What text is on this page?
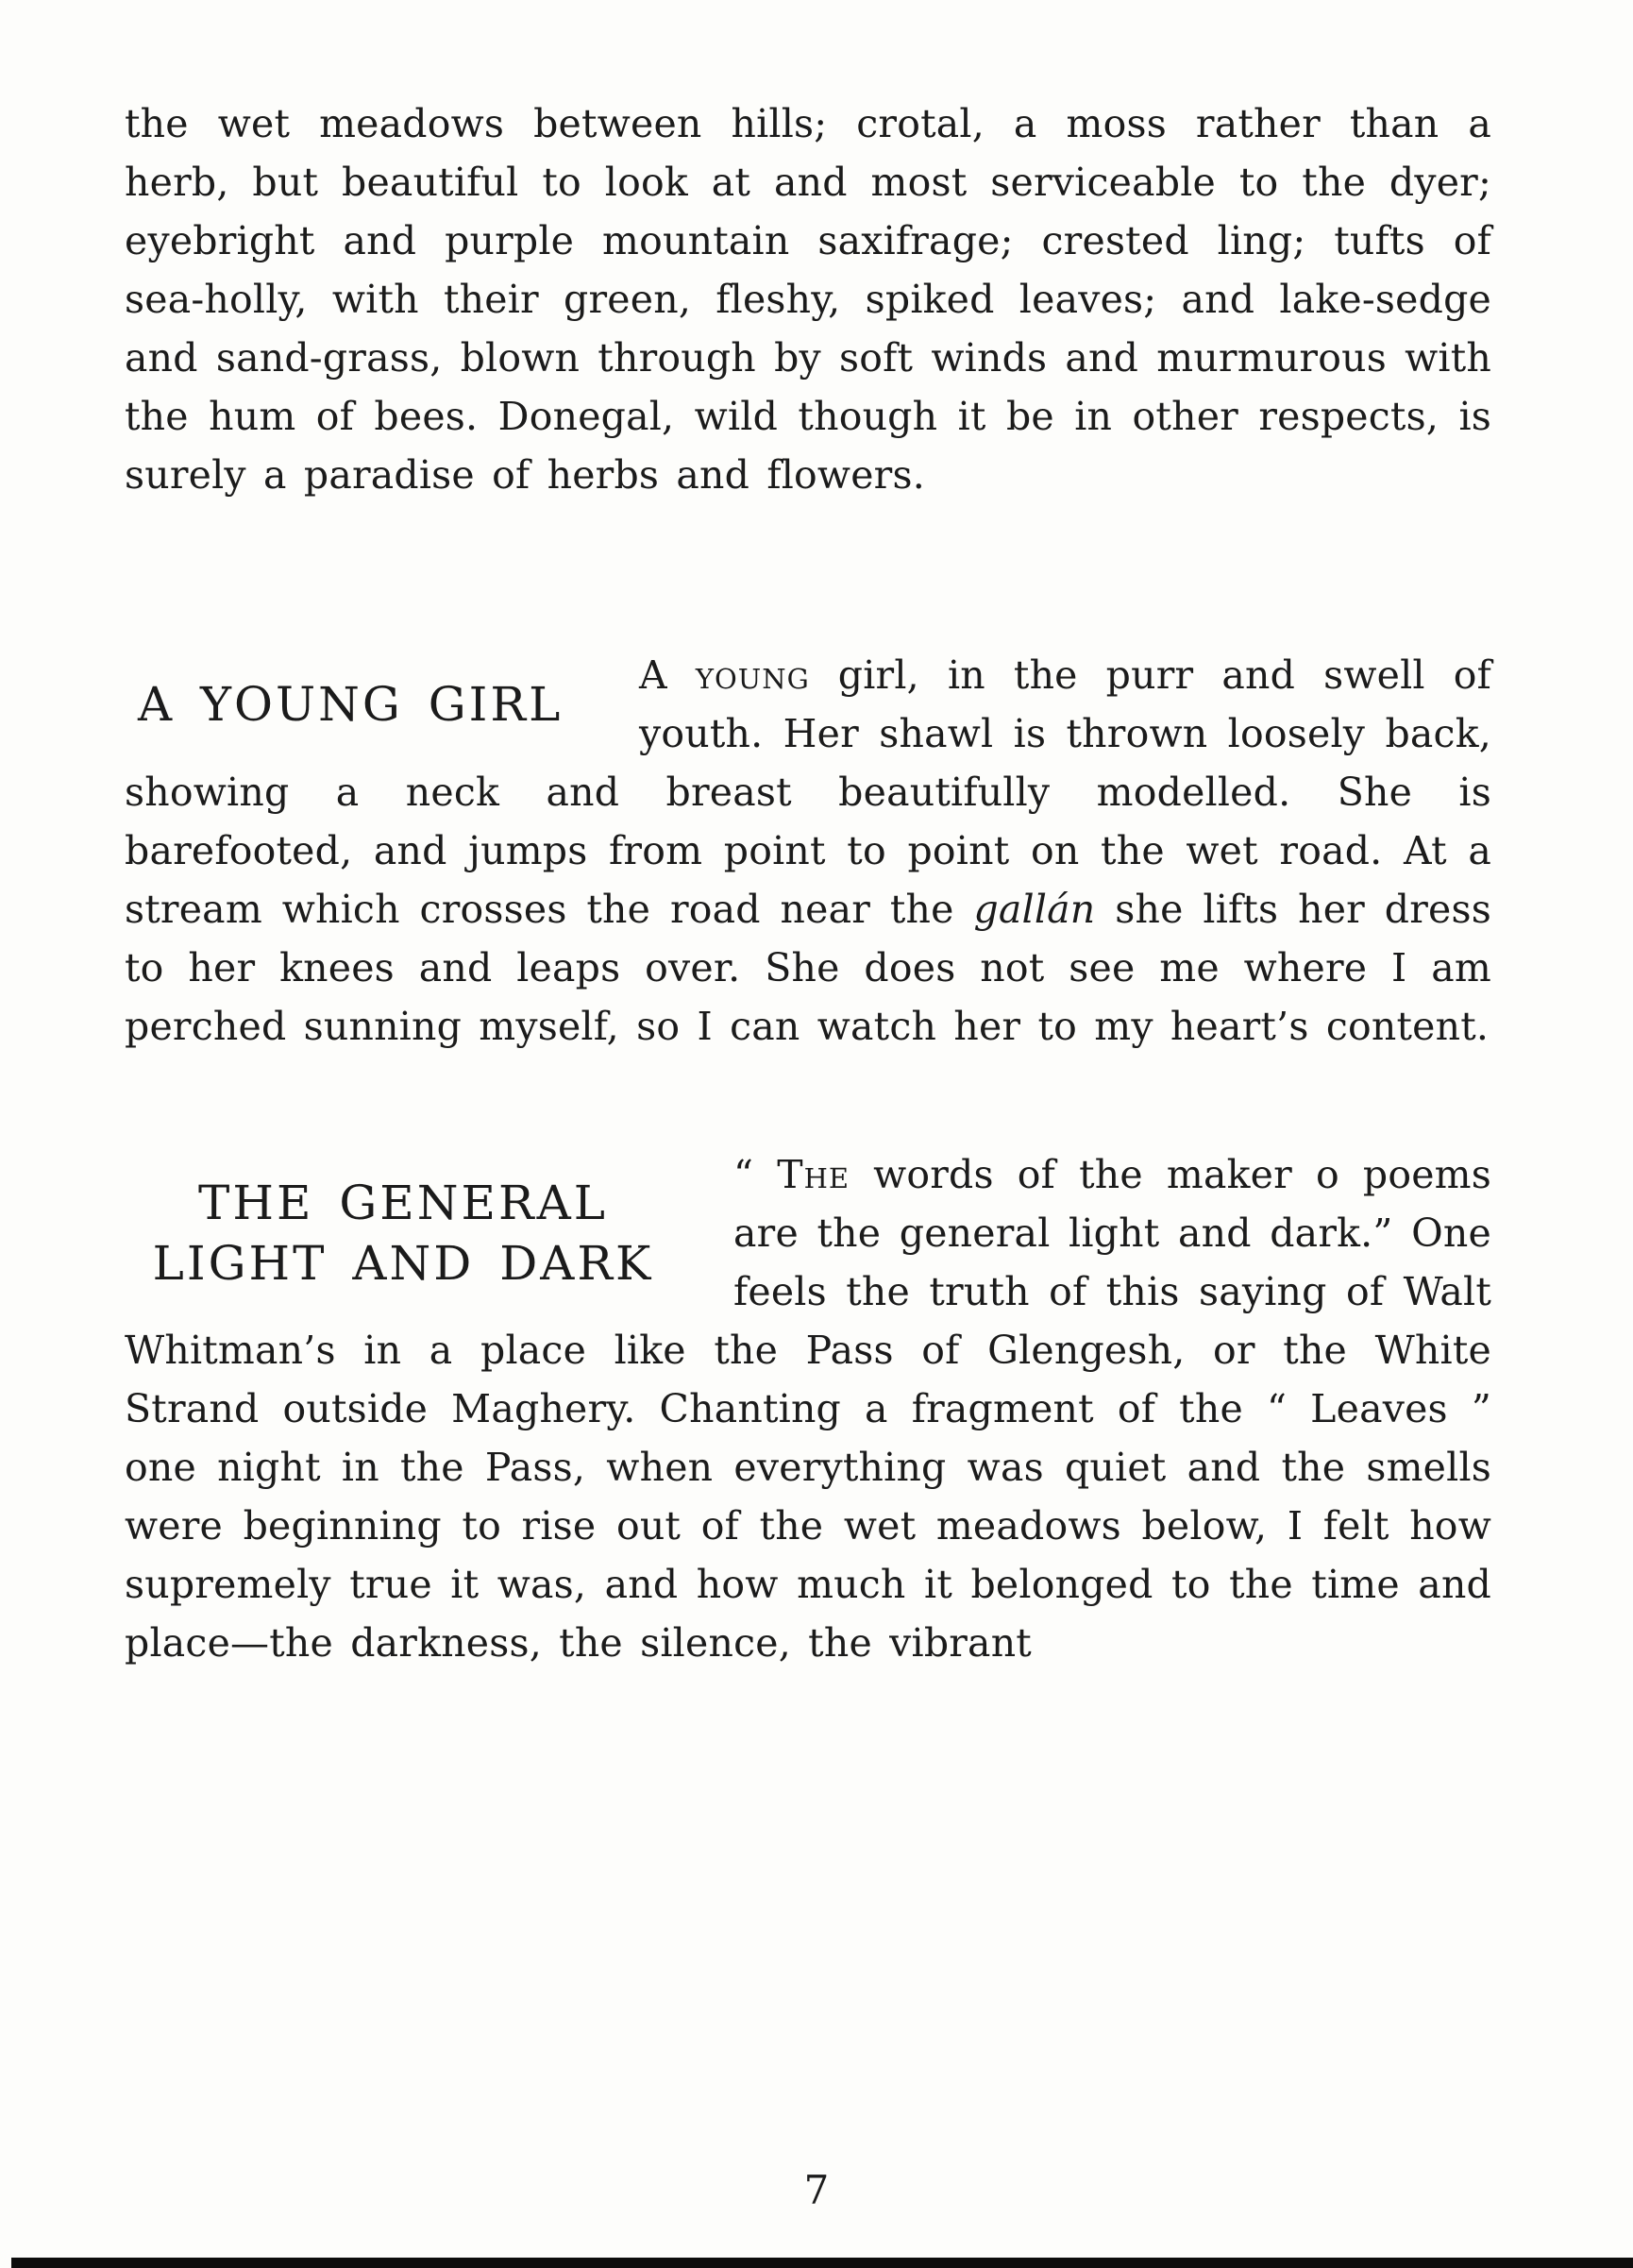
the wet meadows between hills; crotal, a moss rather than a herb, but beautiful to look at and most serviceable to the dyer; eyebright and purple mountain saxifrage; crested ling; tufts of sea-holly, with their green, fleshy, spiked leaves; and lake-sedge and sand-grass, blown through by soft winds and murmurous with the hum of bees. Donegal, wild though it be in other respects, is surely a paradise of herbs and flowers.

A YOUNG GIRL

A young girl, in the purr and swell of youth. Her shawl is thrown loosely back, showing a neck and breast beautifully modelled. She is barefooted, and jumps from point to point on the wet road. At a stream which crosses the road near the gallán she lifts her dress to her knees and leaps over. She does not see me where I am perched sunning myself, so I can watch her to my heart’s content.

THE GENERAL
LIGHT AND DARK

“ The words of the maker o poems are the general light and dark.” One feels the truth of this saying of Walt Whitman’s in a place like the Pass of Glengesh, or the White Strand outside Maghery. Chanting a fragment of the “ Leaves ” one night in the Pass, when everything was quiet and the smells were beginning to rise out of the wet meadows below, I felt how supremely true it was, and how much it belonged to the time and place—the darkness, the silence, the vibrant

7
